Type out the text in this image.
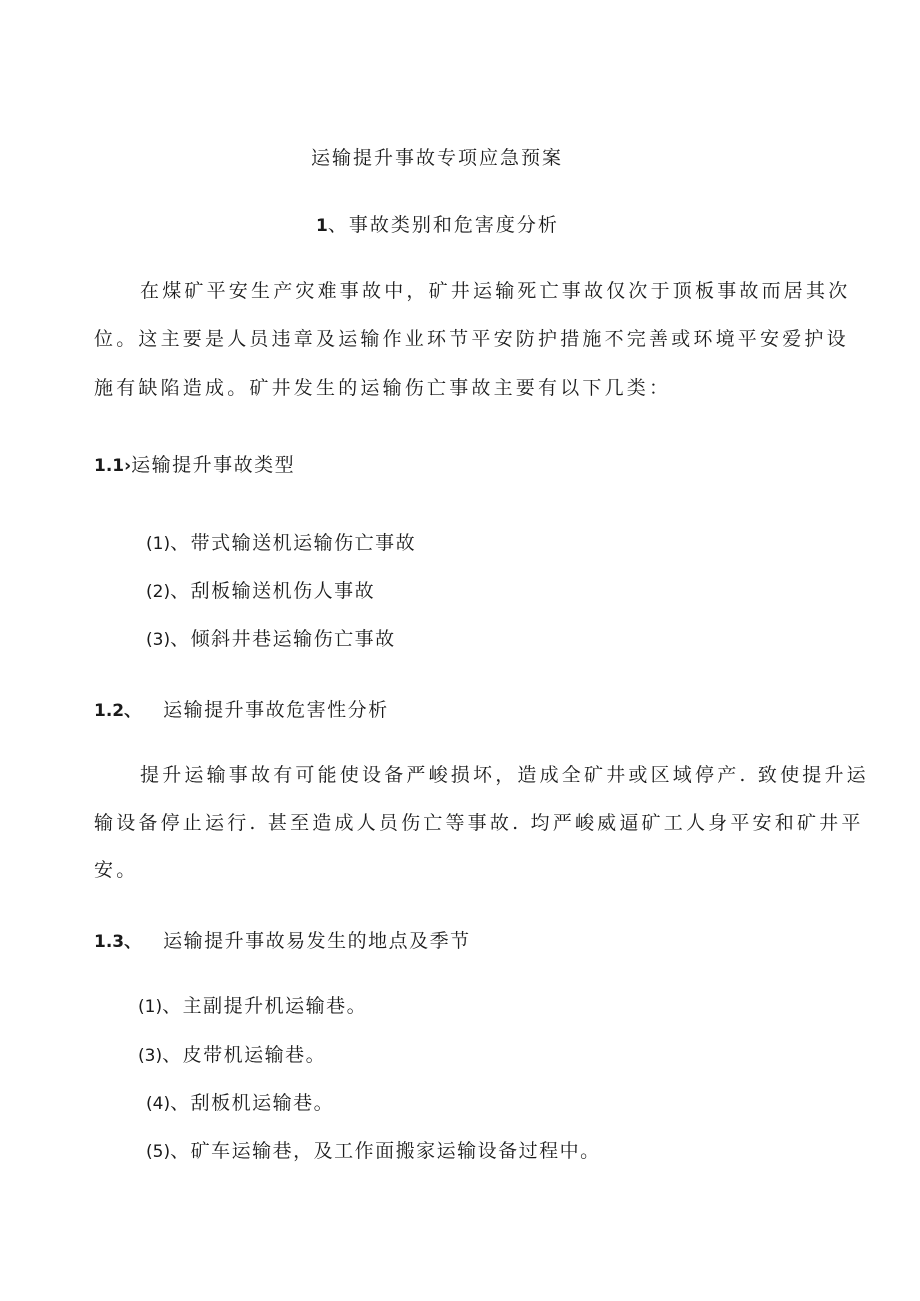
运输提升事故专项应急预案
1、事故类别和危害度分析
在煤矿平安生产灾难事故中，矿井运输死亡事故仅次于顶板事故而居其次
位。这主要是人员违章及运输作业环节平安防护措施不完善或环境平安爱护设
施有缺陷造成。矿井发生的运输伤亡事故主要有以下几类：
1.1›运输提升事故类型
(1)、带式输送机运输伤亡事故
(2)、刮板输送机伤人事故
(3)、倾斜井巷运输伤亡事故
1.2、 运输提升事故危害性分析
提升运输事故有可能使设备严峻损坏，造成全矿井或区域停产. 致使提升运
输设备停止运行. 甚至造成人员伤亡等事故. 均严峻威逼矿工人身平安和矿井平
安。
1.3、 运输提升事故易发生的地点及季节
(1)、主副提升机运输巷。
(3)、皮带机运输巷。
(4)、刮板机运输巷。
(5)、矿车运输巷，及工作面搬家运输设备过程中。
